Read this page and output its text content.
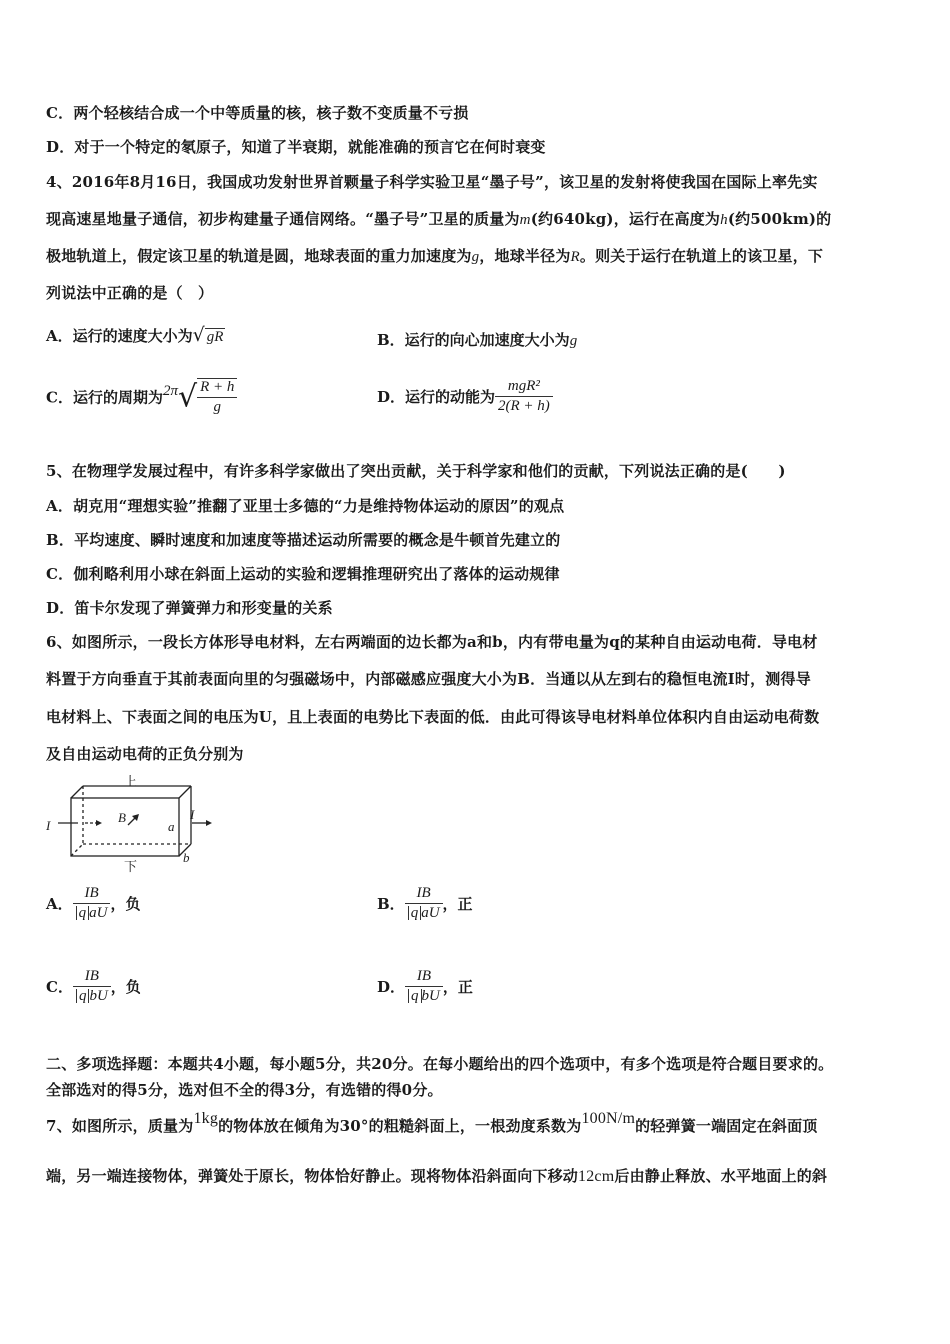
C．两个轻核结合成一个中等质量的核，核子数不变质量不亏损
D．对于一个特定的氡原子，知道了半衰期，就能准确的预言它在何时衰变
4、2016年8月16日，我国成功发射世界首颗量子科学实验卫星“墨子号”，该卫星的发射将使我国在国际上率先实
现高速星地量子通信，初步构建量子通信网络。“墨子号”卫星的质量为m(约640kg)，运行在高度为h(约500km)的
极地轨道上，假定该卫星的轨道是圆，地球表面的重力加速度为g，地球半径为R。则关于运行在轨道上的该卫星，下
列说法中正确的是（　）
A．运行的速度大小为√ gR	B．运行的向心加速度大小为g
C．运行的周期为$2\pi√ \frac{R + h}{g}$	D．运行的动能为 $\frac{\text{mgR²}}{2(R + h)}$
5、在物理学发展过程中，有许多科学家做出了突出贡献，关于科学家和他们的贡献，下列说法正确的是(　　)
A．胡克用“理想实验”推翻了亚里士多德的“力是维持物体运动的原因”的观点
B．平均速度、瞬时速度和加速度等描述运动所需要的概念是牛顿首先建立的
C．伽利略利用小球在斜面上运动的实验和逻辑推理研究出了落体的运动规律
D．笛卡尔发现了弹簧弹力和形变量的关系
6、如图所示，一段长方体形导电材料，左右两端面的边长都为a和b，内有带电量为q的某种自由运动电荷．导电材
料置于方向垂直于其前表面向里的匀强磁场中，内部磁感应强度大小为B．当通以从左到右的稳恒电流I时，测得导
电材料上、下表面之间的电压为U，且上表面的电势比下表面的低．由此可得该导电材料单位体积内自由运动电荷数
及自由运动电荷的正负分别为
上
下
I
I
B
a
b
A． $\frac{IB}{\text{q aU}}$ ，负	B． $\frac{IB}{\text{q aU}}$ ，正
C． $\frac{IB}{\text{q bU}}$ ，负	D． $\frac{IB}{\text{q bU}}$ ，正
二、多项选择题：本题共4小题，每小题5分，共20分。在每小题给出的四个选项中，有多个选项是符合题目要求的。
全部选对的得5分，选对但不全的得3分，有选错的得0分。
7、如图所示，质量为1kg的物体放在倾角为30°的粗糙斜面上，一根劲度系数为100N/m的轻弹簧一端固定在斜面顶
端，另一端连接物体，弹簧处于原长，物体恰好静止。现将物体沿斜面向下移动12cm后由静止释放、水平地面上的斜
